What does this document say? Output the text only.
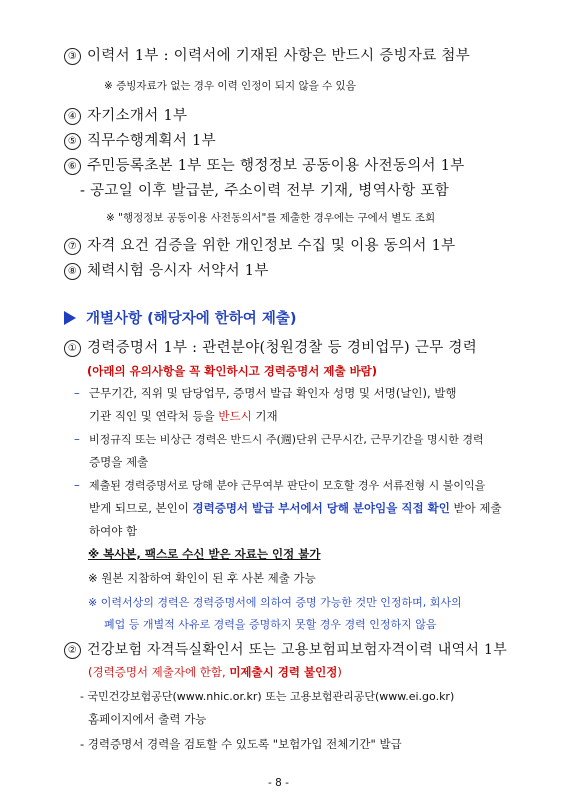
③ 이력서 1부 : 이력서에 기재된 사항은 반드시 증빙자료 첨부
※ 증빙자료가 없는 경우 이력 인정이 되지 않을 수 있음
④ 자기소개서 1부
⑤ 직무수행계획서 1부
⑥ 주민등록초본 1부 또는 행정정보 공동이용 사전동의서 1부
- 공고일 이후 발급분, 주소이력 전부 기재, 병역사항 포함
※ "행정정보 공동이용 사전동의서"를 제출한 경우에는 구에서 별도 조회
⑦ 자격 요건 검증을 위한 개인정보 수집 및 이용 동의서 1부
⑧ 체력시험 응시자 서약서 1부
개별사항 (해당자에 한하여 제출)
① 경력증명서 1부 : 관련분야(청원경찰 등 경비업무) 근무 경력
(아래의 유의사항을 꼭 확인하시고 경력증명서 제출 바람)
– 근무기간, 직위 및 담당업무, 증명서 발급 확인자 성명 및 서명(날인), 발행
기관 직인 및 연락처 등을 반드시 기재
– 비정규직 또는 비상근 경력은 반드시 주(週)단위 근무시간, 근무기간을 명시한 경력
증명을 제출
– 제출된 경력증명서로 당해 분야 근무여부 판단이 모호할 경우 서류전형 시 불이익을
받게 되므로, 본인이 경력증명서 발급 부서에서 당해 분야임을 직접 확인 받아 제출
하여야 함
※ 복사본, 팩스로 수신 받은 자료는 인정 불가
※ 원본 지참하여 확인이 된 후 사본 제출 가능
※ 이력서상의 경력은 경력증명서에 의하여 증명 가능한 것만 인정하며, 회사의
폐업 등 개별적 사유로 경력을 증명하지 못할 경우 경력 인정하지 않음
② 건강보험 자격득실확인서 또는 고용보험피보험자격이력 내역서 1부
(경력증명서 제출자에 한함, 미제출시 경력 불인정)
- 국민건강보험공단(www.nhic.or.kr) 또는 고용보험관리공단(www.ei.go.kr)
홈페이지에서 출력 가능
- 경력증명서 경력을 검토할 수 있도록 "보험가입 전체기간" 발급
- 8 -
